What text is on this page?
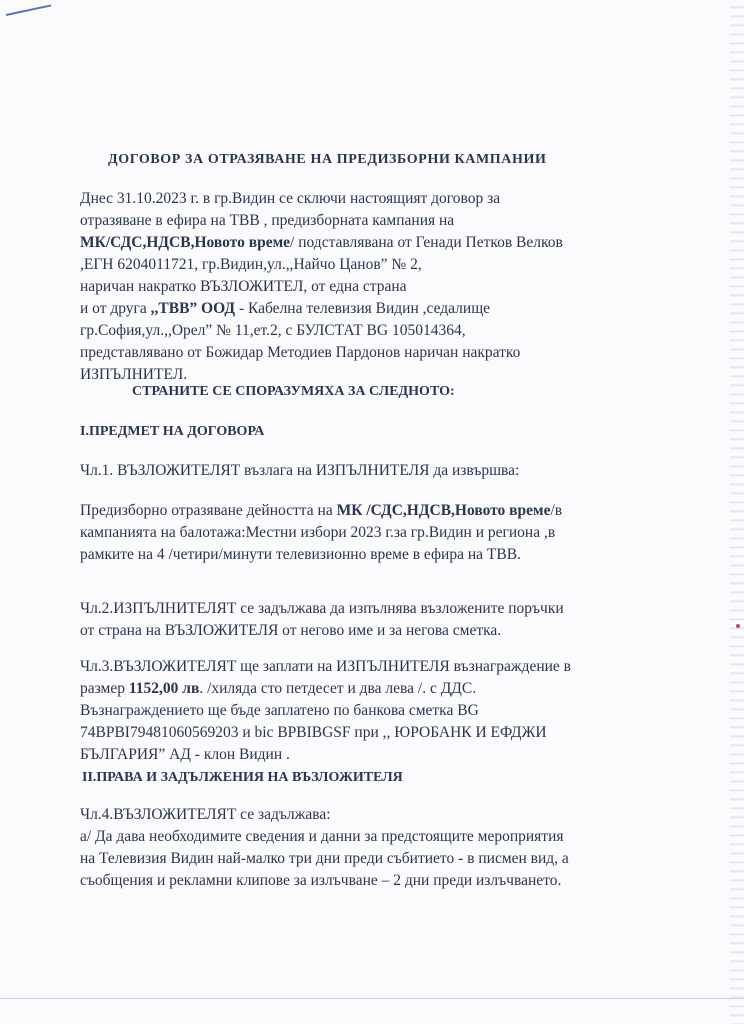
ДОГОВОР ЗА ОТРАЗЯВАНЕ НА ПРЕДИЗБОРНИ КАМПАНИИ

Днес 31.10.2023 г. в гр.Видин се сключи настоящият договор за

отразяване в ефира на ТВВ , предизборната кампания на

МК/СДС,НДСВ,Новото време/ подставлявана от Генади Петков Велков

,ЕГН 6204011721, гр.Видин,ул.,,Найчо Цанов” № 2,

наричан накратко ВЪЗЛОЖИТЕЛ, от една страна

и от друга ,,ТВВ” ООД - Кабелна телевизия Видин ,седалище

гр.София,ул.,,Орел” № 11,ет.2, с БУЛСТАТ BG 105014364,

представлявано от Божидар Методиев Пардонов наричан накратко

ИЗПЪЛНИТЕЛ.

СТРАНИТЕ СЕ СПОРАЗУМЯХА ЗА СЛЕДНОТО:
I.ПРЕДМЕТ НА ДОГОВОРА

Чл.1. ВЪЗЛОЖИТЕЛЯТ възлага на ИЗПЪЛНИТЕЛЯ да извършва:

Предизборно отразяване дейността на МК /СДС,НДСВ,Новото време/в

кампанията на балотажа:Местни избори 2023 г.за гр.Видин и региона ,в

рамките на 4 /четири/минути телевизионно време в ефира на ТВВ.

Чл.2.ИЗПЪЛНИТЕЛЯТ се задължава да изпълнява възложените поръчки

от страна на ВЪЗЛОЖИТЕЛЯ от негово име и за негова сметка.

Чл.3.ВЪЗЛОЖИТЕЛЯТ ще заплати на ИЗПЪЛНИТЕЛЯ възнаграждение в

размер 1152,00 лв. /хиляда сто петдесет и два лева /. с ДДС.

Възнаграждението ще бъде заплатено по банкова сметка BG

74BPBI79481060569203 и bic BPBIBGSF при ,, ЮРОБАНК И ЕФДЖИ

БЪЛГАРИЯ” АД - клон Видин .

II.ПРАВА И ЗАДЪЛЖЕНИЯ НА ВЪЗЛОЖИТЕЛЯ

Чл.4.ВЪЗЛОЖИТЕЛЯТ се задължава:

а/ Да дава необходимите сведения и данни за предстоящите мероприятия

на Телевизия Видин най-малко три дни преди събитието - в писмен вид, а

съобщения и рекламни клипове за излъчване – 2 дни преди излъчването.
